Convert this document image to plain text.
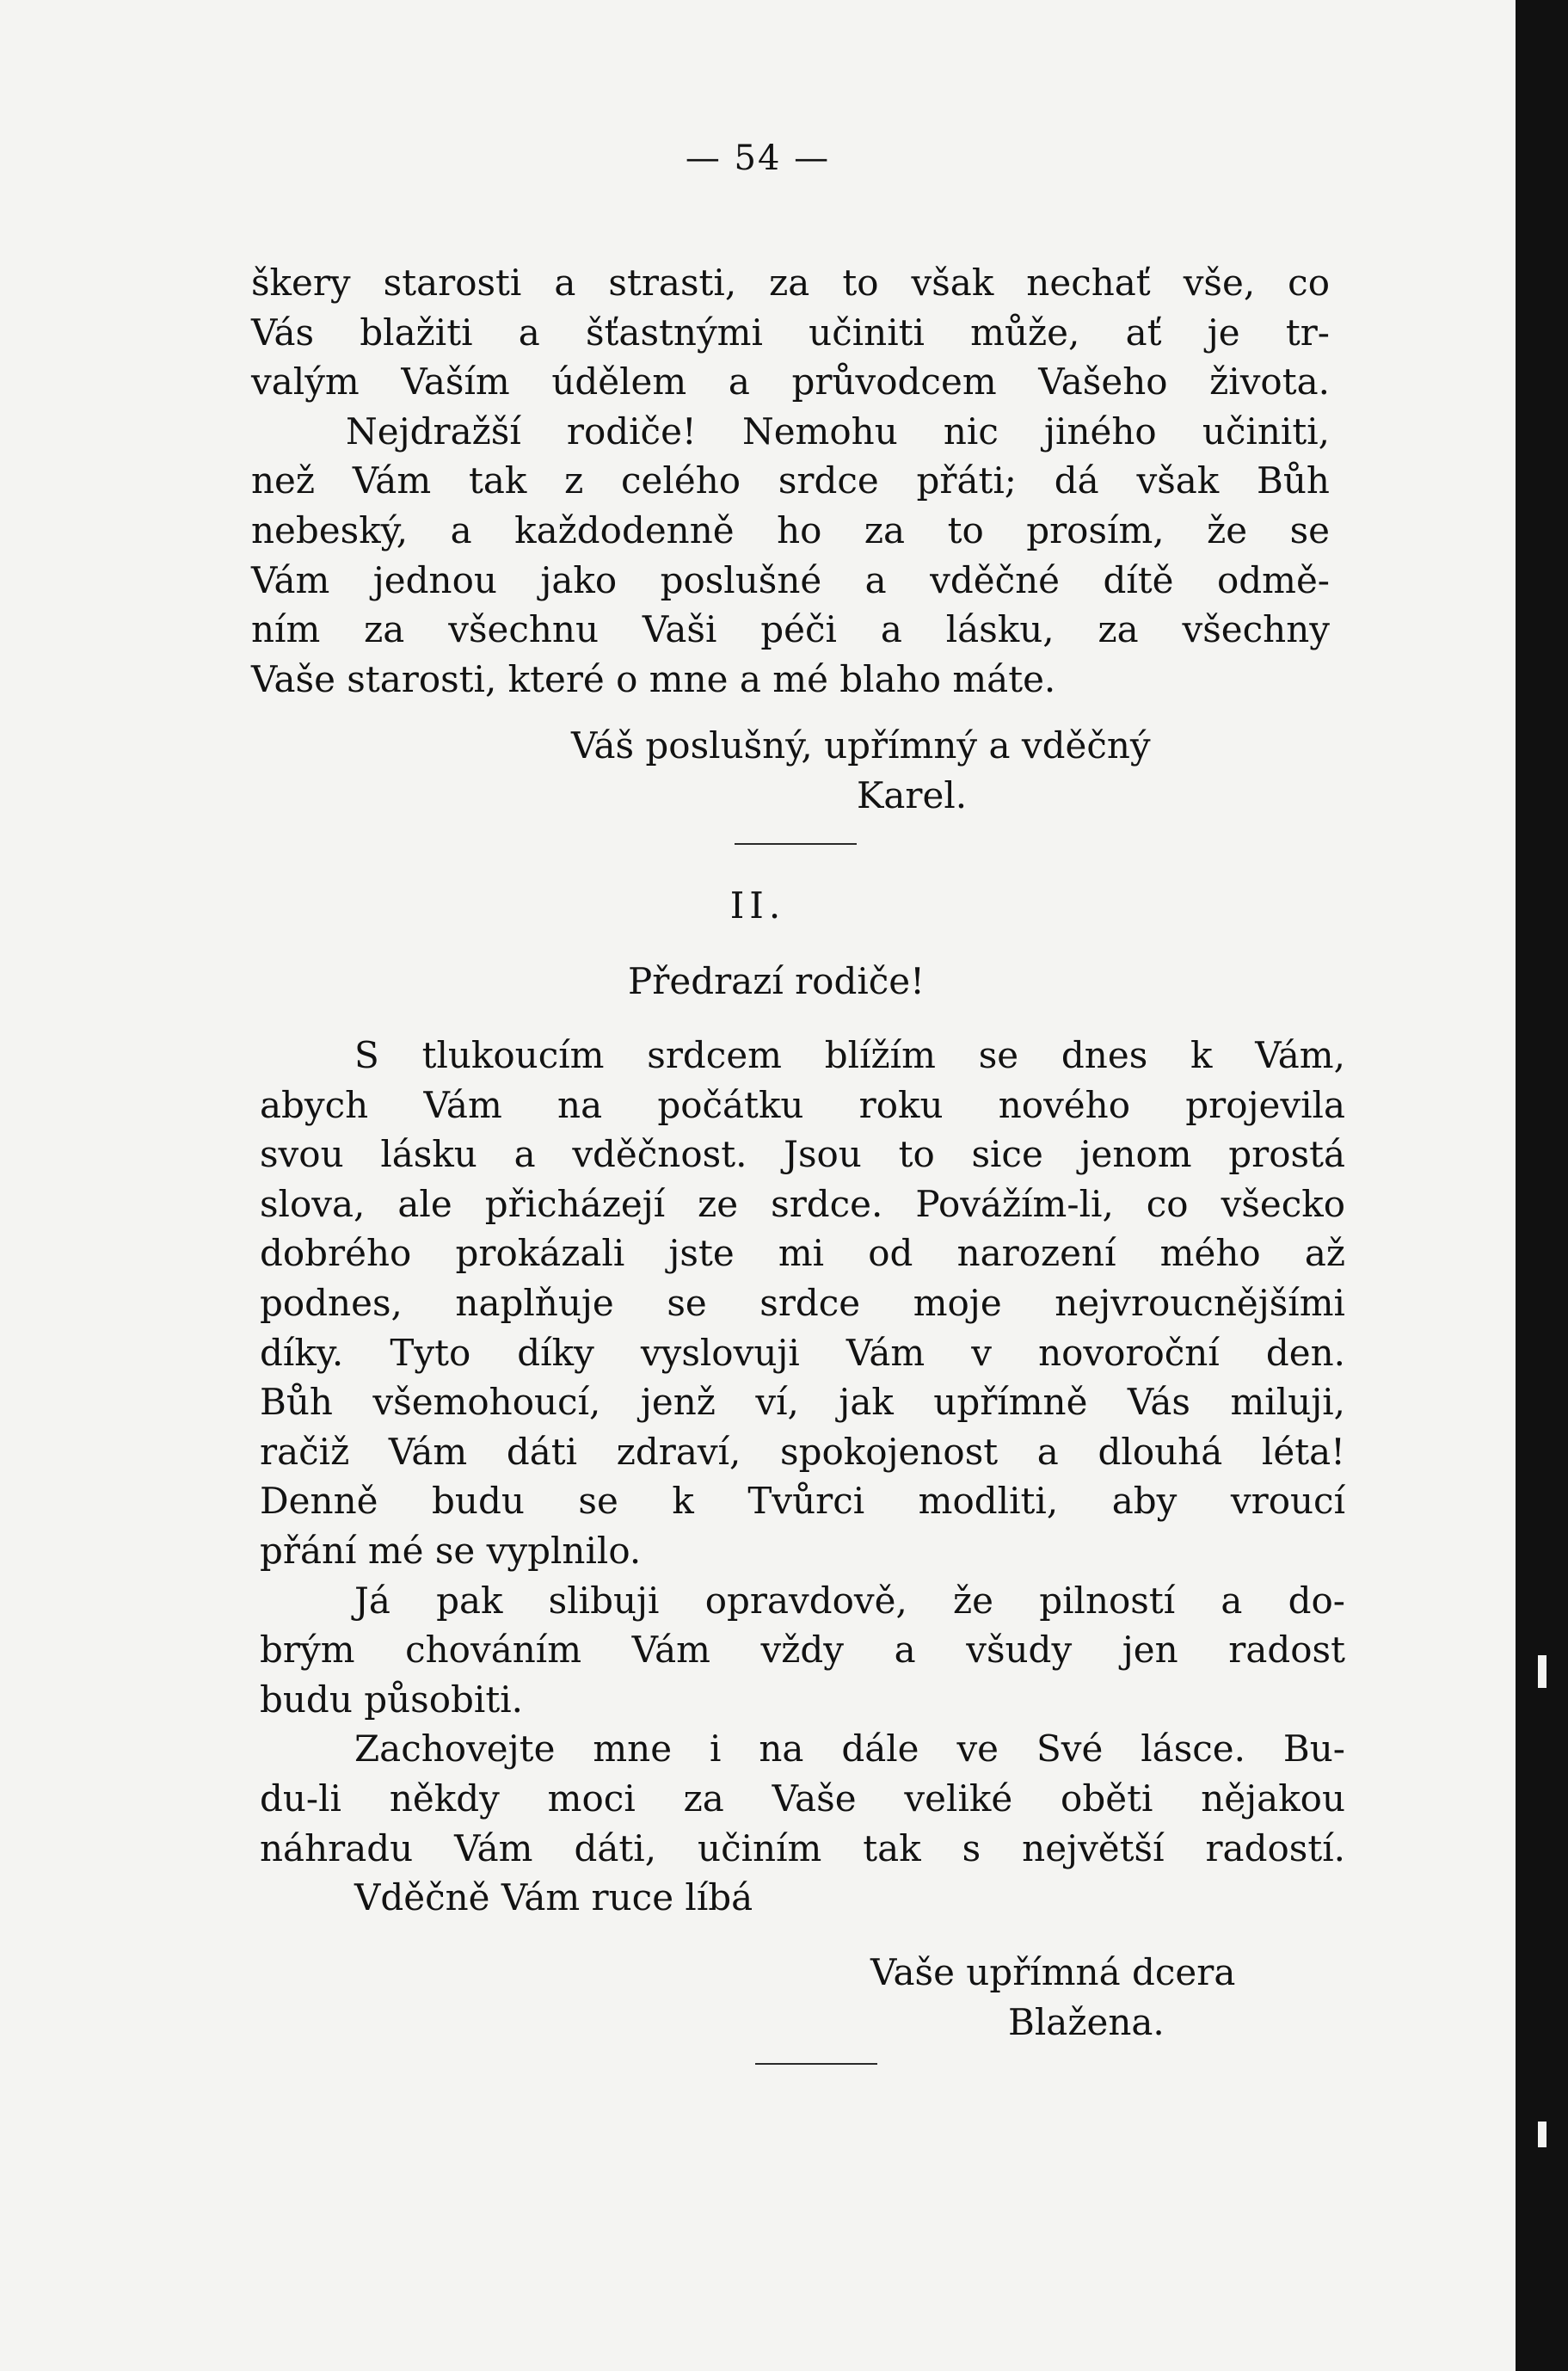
— 54 —
škery starosti a strasti, za to však nechať vše, co
Vás blažiti a šťastnými učiniti může, ať je tr-
valým Vaším údělem a průvodcem Vašeho života.
Nejdražší rodiče! Nemohu nic jiného učiniti,
než Vám tak z celého srdce přáti; dá však Bůh
nebeský, a každodenně ho za to prosím, že se
Vám jednou jako poslušné a vděčné dítě odmě-
ním za všechnu Vaši péči a lásku, za všechny
Vaše starosti, které o mne a mé blaho máte.
Váš poslušný, upřímný a vděčný
Karel.
II.
Předrazí rodiče!
S tlukoucím srdcem blížím se dnes k Vám,
abych Vám na počátku roku nového projevila
svou lásku a vděčnost. Jsou to sice jenom prostá
slova, ale přicházejí ze srdce. Povážím-li, co všecko
dobrého prokázali jste mi od narození mého až
podnes, naplňuje se srdce moje nejvroucnějšími
díky. Tyto díky vyslovuji Vám v novoroční den.
Bůh všemohoucí, jenž ví, jak upřímně Vás miluji,
račiž Vám dáti zdraví, spokojenost a dlouhá léta!
Denně budu se k Tvůrci modliti, aby vroucí
přání mé se vyplnilo.
Já pak slibuji opravdově, že pilností a do-
brým chováním Vám vždy a všudy jen radost
budu působiti.
Zachovejte mne i na dále ve Své lásce. Bu-
du-li někdy moci za Vaše veliké oběti nějakou
náhradu Vám dáti, učiním tak s největší radostí.
Vděčně Vám ruce líbá
Vaše upřímná dcera
Blažena.
